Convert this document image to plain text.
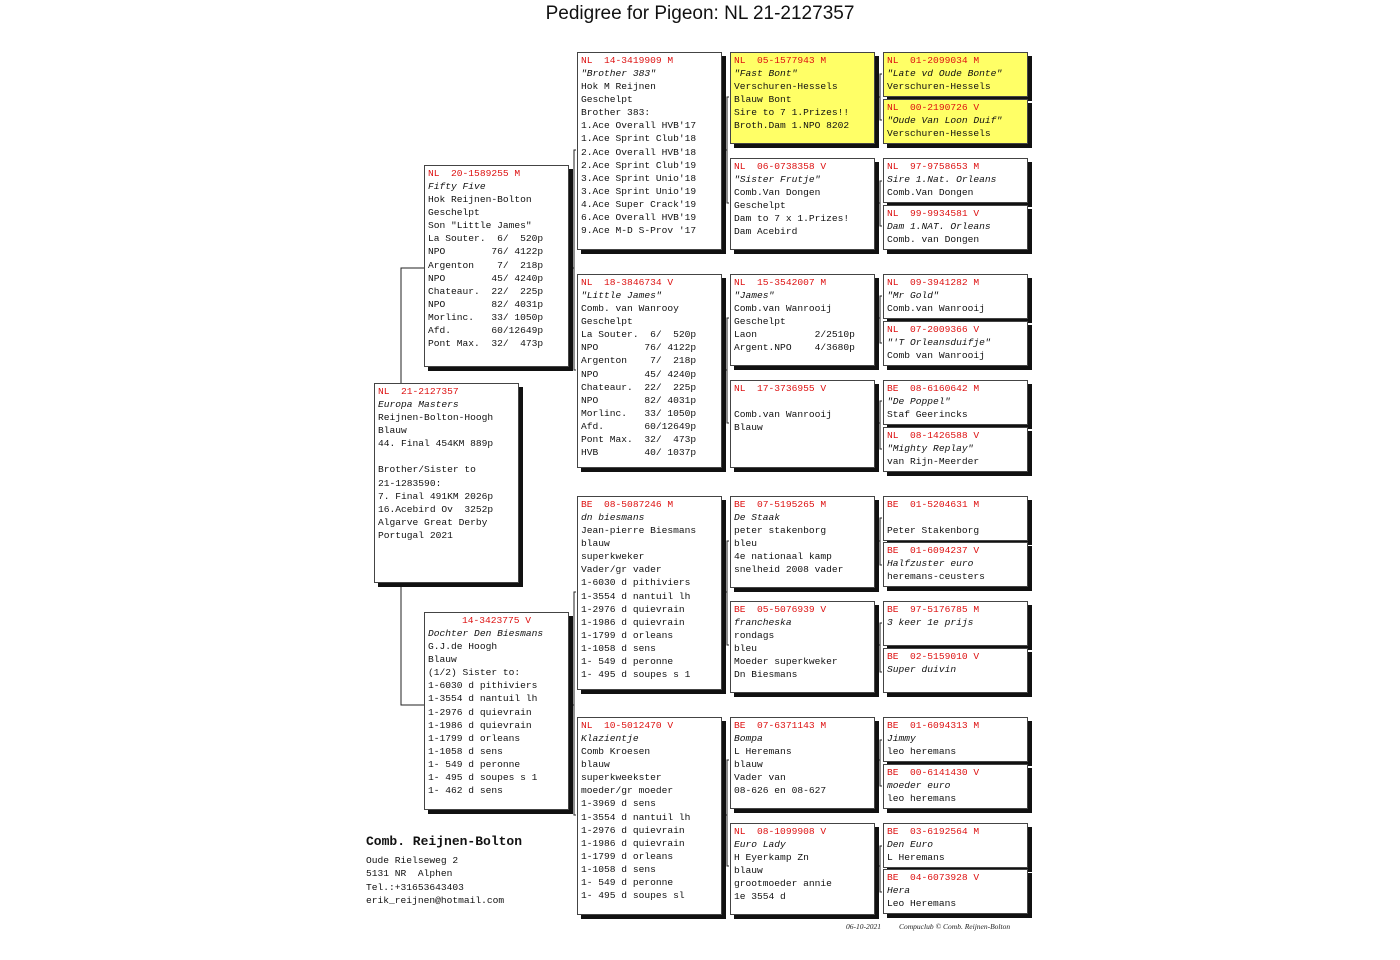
Pedigree for Pigeon: NL 21-2127357
NL  21-2127357
Europa Masters
Reijnen-Bolton-Hoogh
Blauw
44. Final 454KM 889p
Brother/Sister to
21-1283590:
7. Final 491KM 2026p
16.Acebird Ov  3252p
Algarve Great Derby
Portugal 2021
NL  20-1589255 M
Fifty Five
Hok Reijnen-Bolton
Geschelpt
Son "Little James"
La Souter.  6/  520p
NPO        76/ 4122p
Argenton    7/  218p
NPO        45/ 4240p
Chateaur.  22/  225p
NPO        82/ 4031p
Morlinc.   33/ 1050p
Afd.       60/12649p
Pont Max.  32/  473p
14-3423775 V
Dochter Den Biesmans
G.J.de Hoogh
Blauw
(1/2) Sister to:
1-6030 d pithiviers
1-3554 d nantuil lh
1-2976 d quievrain
1-1986 d quievrain
1-1799 d orleans
1-1058 d sens
1- 549 d peronne
1- 495 d soupes s 1
1- 462 d sens
NL  14-3419909 M
"Brother 383"
Hok M Reijnen
Geschelpt
Brother 383:
1.Ace Overall HVB'17
1.Ace Sprint Club'18
2.Ace Overall HVB'18
2.Ace Sprint Club'19
3.Ace Sprint Unio'18
3.Ace Sprint Unio'19
4.Ace Super Crack'19
6.Ace Overall HVB'19
9.Ace M-D S-Prov '17
NL  18-3846734 V
"Little James"
Comb. van Wanrooy
Geschelpt
La Souter.  6/  520p
NPO        76/ 4122p
Argenton    7/  218p
NPO        45/ 4240p
Chateaur.  22/  225p
NPO        82/ 4031p
Morlinc.   33/ 1050p
Afd.       60/12649p
Pont Max.  32/  473p
HVB        40/ 1037p
BE  08-5087246 M
dn biesmans
Jean-pierre Biesmans
blauw
superkweker
Vader/gr vader
1-6030 d pithiviers
1-3554 d nantuil lh
1-2976 d quievrain
1-1986 d quievrain
1-1799 d orleans
1-1058 d sens
1- 549 d peronne
1- 495 d soupes s 1
NL  10-5012470 V
Klazientje
Comb Kroesen
blauw
superkweekster
moeder/gr moeder
1-3969 d sens
1-3554 d nantuil lh
1-2976 d quievrain
1-1986 d quievrain
1-1799 d orleans
1-1058 d sens
1- 549 d peronne
1- 495 d soupes sl
NL  05-1577943 M
"Fast Bont"
Verschuren-Hessels
Blauw Bont
Sire to 7 1.Prizes!!
Broth.Dam 1.NPO 8202
NL  06-0738358 V
"Sister Frutje"
Comb.Van Dongen
Geschelpt
Dam to 7 x 1.Prizes!
Dam Acebird
NL  15-3542007 M
"James"
Comb.van Wanrooij
Geschelpt
Laon          2/2510p
Argent.NPO    4/3680p
NL  17-3736955 V
Comb.van Wanrooij
Blauw
BE  07-5195265 M
De Staak
peter stakenborg
bleu
4e nationaal kamp
snelheid 2008 vader
BE  05-5076939 V
francheska
rondags
bleu
Moeder superkweker
Dn Biesmans
BE  07-6371143 M
Bompa
L Heremans
blauw
Vader van
08-626 en 08-627
NL  08-1099908 V
Euro Lady
H Eyerkamp Zn
blauw
grootmoeder annie
1e 3554 d
NL  01-2099034 M
"Late vd Oude Bonte"
Verschuren-Hessels
NL  00-2190726 V
"Oude Van Loon Duif"
Verschuren-Hessels
NL  97-9758653 M
Sire 1.Nat. Orleans
Comb.Van Dongen
NL  99-9934581 V
Dam 1.NAT. Orleans
Comb. van Dongen
NL  09-3941282 M
"Mr Gold"
Comb.van Wanrooij
NL  07-2009366 V
"'T Orleansduifje"
Comb van Wanrooij
BE  08-6160642 M
"De Poppel"
Staf Geerincks
NL  08-1426588 V
"Mighty Replay"
van Rijn-Meerder
BE  01-5204631 M
Peter Stakenborg
BE  01-6094237 V
Halfzuster euro
heremans-ceusters
BE  97-5176785 M
3 keer 1e prijs
BE  02-5159010 V
Super duivin
BE  01-6094313 M
Jimmy
leo heremans
BE  00-6141430 V
moeder euro
leo heremans
BE  03-6192564 M
Den Euro
L Heremans
BE  04-6073928 V
Hera
Leo Heremans
Comb. Reijnen-Bolton
Oude Rielseweg 2
5131 NR  Alphen
Tel.:+31653643403
erik_reijnen@hotmail.com
06-10-2021 Compuclub © Comb. Reijnen-Bolton
